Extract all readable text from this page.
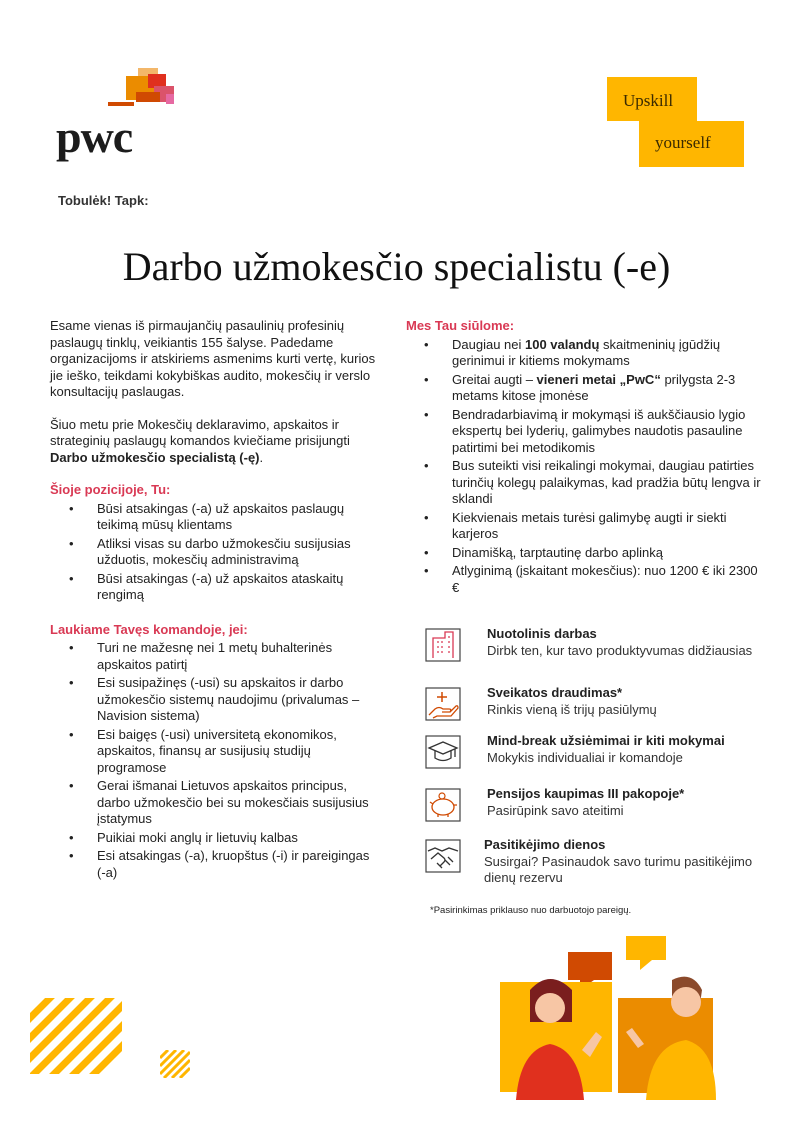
pwc
Upskill
yourself
Tobulėk! Tapk:
Darbo užmokesčio specialistu (-e)

Esame vienas iš pirmaujančių pasaulinių profesinių paslaugų tinklų, veikiantis 155 šalyse. Padedame organizacijoms ir atskiriems asmenims kurti vertę, kurios jie ieško, teikdami kokybiškas audito, mokesčių ir verslo konsultacijų paslaugas.

Šiuo metu prie Mokesčių deklaravimo, apskaitos ir strateginių paslaugų komandos kviečiame prisijungti Darbo užmokesčio specialistą (-ę).

Šioje pozicijoje, Tu:
• Būsi atsakingas (-a) už apskaitos paslaugų teikimą mūsų klientams
• Atliksi visas su darbo užmokesčiu susijusias užduotis, mokesčių administravimą
• Būsi atsakingas (-a) už apskaitos ataskaitų rengimą
Laukiame Tavęs komandoje, jei:
• Turi ne mažesnę nei 1 metų buhalterinės apskaitos patirtį
• Esi susipažinęs (-usi) su apskaitos ir darbo užmokesčio sistemų naudojimu (privalumas – Navision sistema)
• Esi baigęs (-usi) universitetą ekonomikos, apskaitos, finansų ar susijusių studijų programose
• Gerai išmanai Lietuvos apskaitos principus, darbo užmokesčio bei su mokesčiais susijusius įstatymus
• Puikiai moki anglų ir lietuvių kalbas
• Esi atsakingas (-a), kruopštus (-i) ir pareigingas (-a)
Mes Tau siūlome:
• Daugiau nei 100 valandų skaitmeninių įgūdžių gerinimui ir kitiems mokymams
• Greitai augti – vieneri metai „PwC“ prilygsta 2-3 metams kitose įmonėse
• Bendradarbiavimą ir mokymąsi iš aukščiausio lygio ekspertų bei lyderių, galimybes naudotis pasauline patirtimi bei metodikomis
• Bus suteikti visi reikalingi mokymai, daugiau patirties turinčių kolegų palaikymas, kad pradžia būtų lengva ir sklandi
• Kiekvienais metais turėsi galimybę augti ir siekti karjeros
• Dinamišką, tarptautinę darbo aplinką
• Atlyginimą (įskaitant mokesčius): nuo 1200 € iki 2300 €
Nuotolinis darbas
Dirbk ten, kur tavo produktyvumas didžiausias
Sveikatos draudimas*
Rinkis vieną iš trijų pasiūlymų
Mind-break užsiėmimai ir kiti mokymai
Mokykis individualiai ir komandoje
Pensijos kaupimas III pakopoje*
Pasirūpink savo ateitimi
Pasitikėjimo dienos
Susirgai? Pasinaudok savo turimu pasitikėjimo dienų rezervu
*Pasirinkimas priklauso nuo darbuotojo pareigų.
